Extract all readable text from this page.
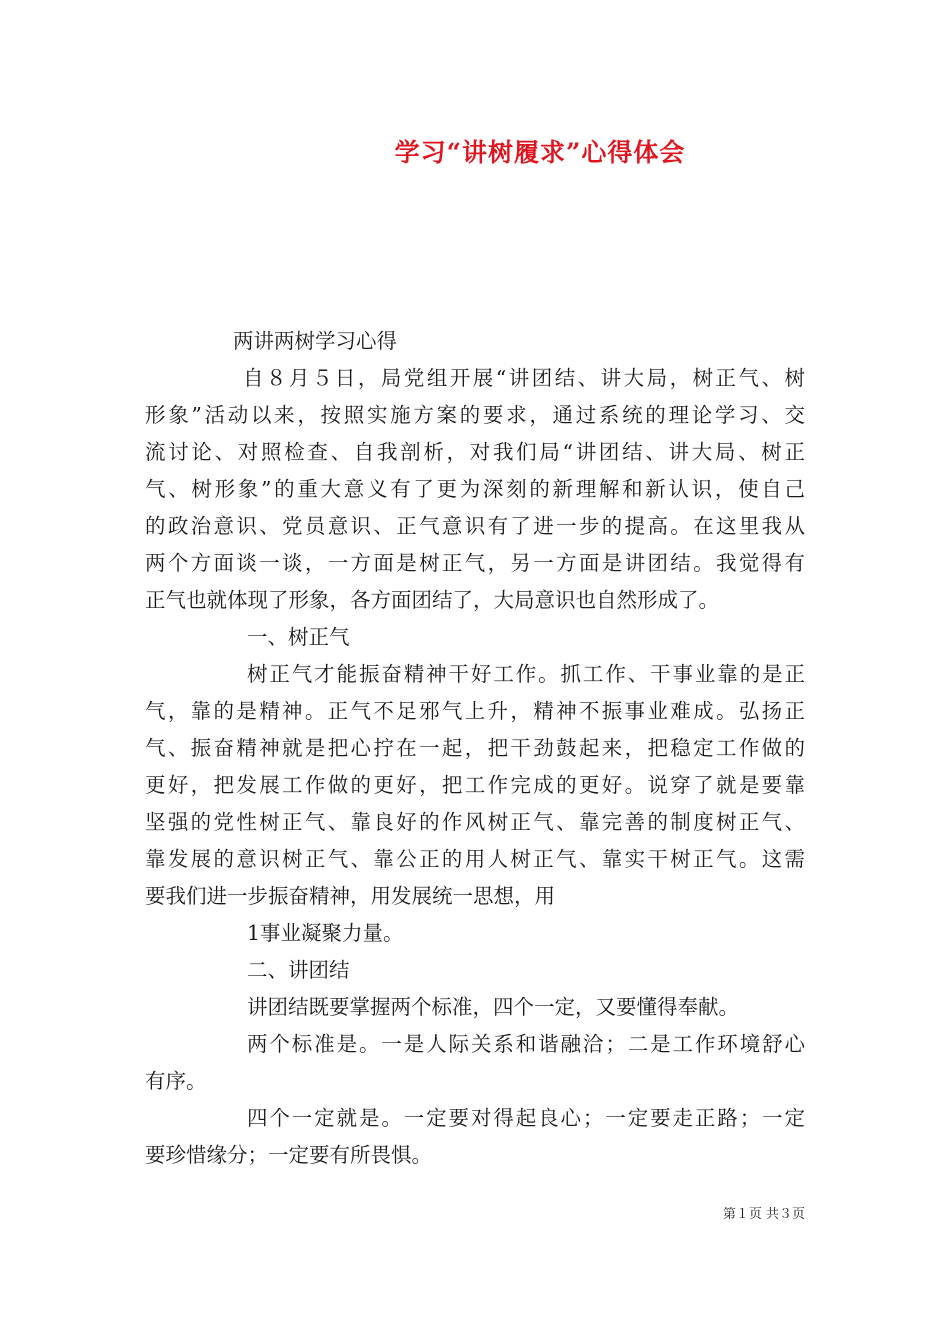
学习“讲树履求”心得体会
两讲两树学习心得
自８月５日，局党组开展“讲团结、讲大局，树正气、树
形象”活动以来，按照实施方案的要求，通过系统的理论学习、交
流讨论、对照检查、自我剖析，对我们局“讲团结、讲大局、树正
气、树形象”的重大意义有了更为深刻的新理解和新认识，使自己
的政治意识、党员意识、正气意识有了进一步的提高。在这里我从
两个方面谈一谈，一方面是树正气，另一方面是讲团结。我觉得有
正气也就体现了形象，各方面团结了，大局意识也自然形成了。
一、树正气
树正气才能振奋精神干好工作。抓工作、干事业靠的是正
气，靠的是精神。正气不足邪气上升，精神不振事业难成。弘扬正
气、振奋精神就是把心拧在一起，把干劲鼓起来，把稳定工作做的
更好，把发展工作做的更好，把工作完成的更好。说穿了就是要靠
坚强的党性树正气、靠良好的作风树正气、靠完善的制度树正气、
靠发展的意识树正气、靠公正的用人树正气、靠实干树正气。这需
要我们进一步振奋精神，用发展统一思想，用
1事业凝聚力量。
二、讲团结
讲团结既要掌握两个标准，四个一定，又要懂得奉献。
两个标准是。一是人际关系和谐融洽；二是工作环境舒心
有序。
四个一定就是。一定要对得起良心；一定要走正路；一定
要珍惜缘分；一定要有所畏惧。
第１页 共３页
